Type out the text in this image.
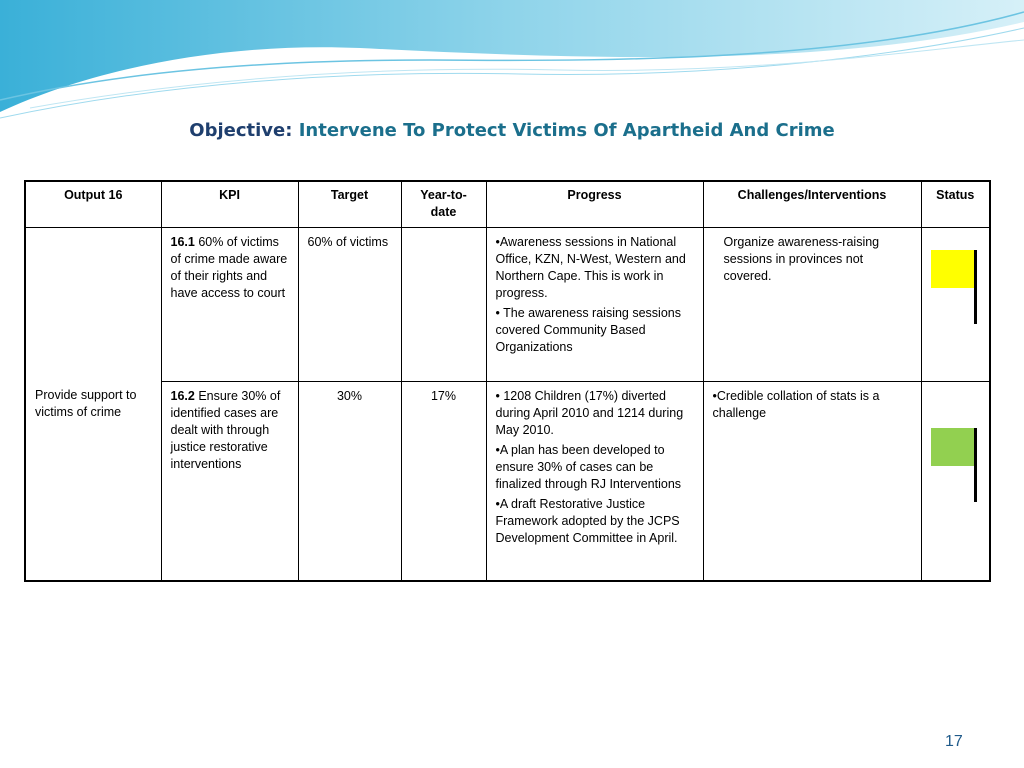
Objective: Intervene To Protect Victims Of Apartheid And Crime
Output 16	KPI	Target	Year-to-date	Progress	Challenges/Interventions	Status
Provide support to victims of crime	16.1 60% of victims of crime made aware of their rights and have access to court	60% of victims		•Awareness sessions in National Office, KZN, N-West, Western and Northern Cape. This is work in progress.

• The awareness raising sessions covered Community Based Organizations	Organize awareness-raising sessions in provinces not covered.	

	16.2 Ensure 30% of identified cases are dealt with through justice restorative interventions	30%	17%	• 1208 Children (17%) diverted during April 2010 and 1214 during May 2010.

•A plan has been developed to ensure 30% of cases can be finalized through RJ Interventions

•A draft Restorative Justice Framework adopted by the JCPS Development Committee in April.	•Credible collation of stats is a challenge	
17
